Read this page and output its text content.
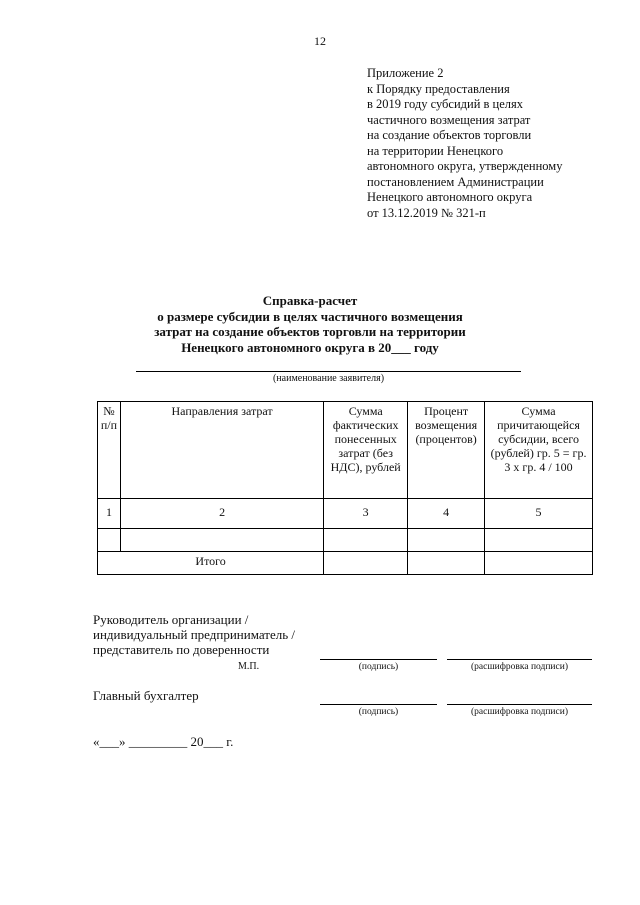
12
Приложение 2
к Порядку предоставления
в 2019 году субсидий в целях
частичного возмещения затрат
на создание объектов торговли
на территории Ненецкого
автономного округа, утвержденному
постановлением Администрации
Ненецкого автономного округа
от 13.12.2019 № 321-п
Справка-расчет
о размере субсидии в целях частичного возмещения
затрат на создание объектов торговли на территории
Ненецкого автономного округа в 20___ году
(наименование заявителя)
№ п/п	Направления затрат	Сумма фактических понесенных затрат (без НДС), рублей	Процент возмещения (процентов)	Сумма причитающейся субсидии, всего (рублей) гр. 5 = гр. 3 х гр. 4 / 100
1	2	3	4	5

Итого				
Руководитель организации /
индивидуальный предприниматель /
представитель по доверенности
М.П.	(подпись)	(расшифровка подписи)
Главный бухгалтер
(подпись)	(расшифровка подписи)
«___» _________ 20___ г.
